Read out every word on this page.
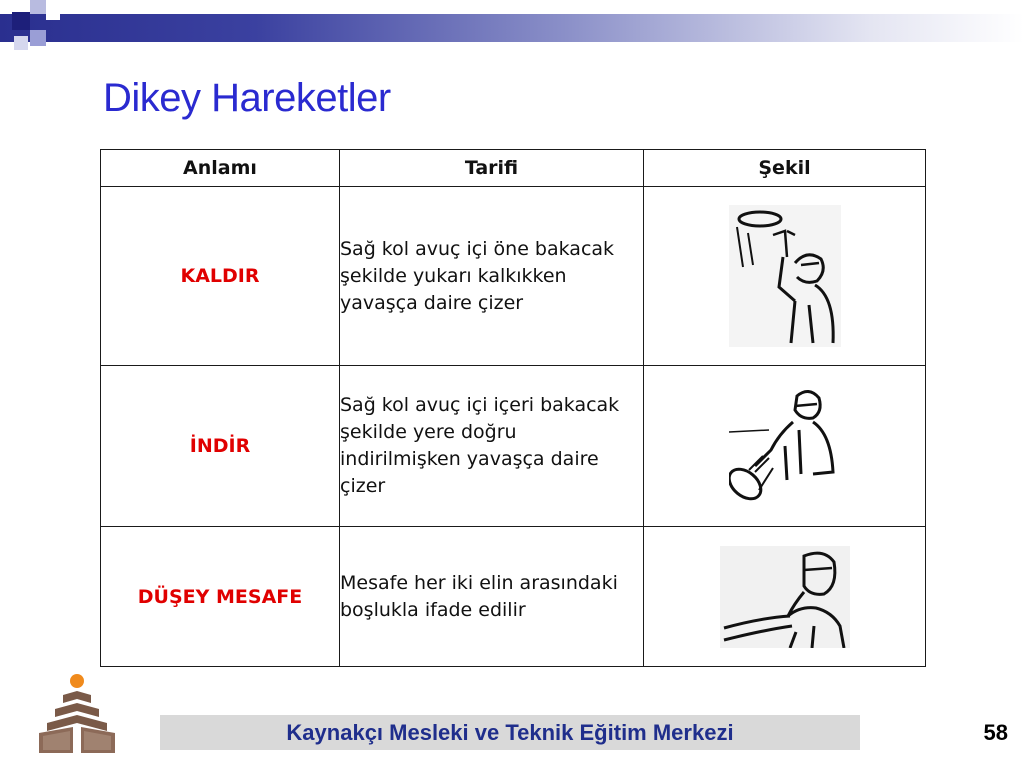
Dikey Hareketler
Anlamı	Tarifi	Şekil
KALDIR	Sağ kol avuç içi öne bakacak şekilde yukarı kalkıkken yavaşça daire çizer	
İNDİR	Sağ kol avuç içi içeri bakacak şekilde yere doğru indirilmişken yavaşça daire çizer	
DÜŞEY MESAFE	Mesafe her iki elin arasındaki boşlukla ifade edilir	
Kaynakçı Mesleki ve Teknik Eğitim Merkezi	58
